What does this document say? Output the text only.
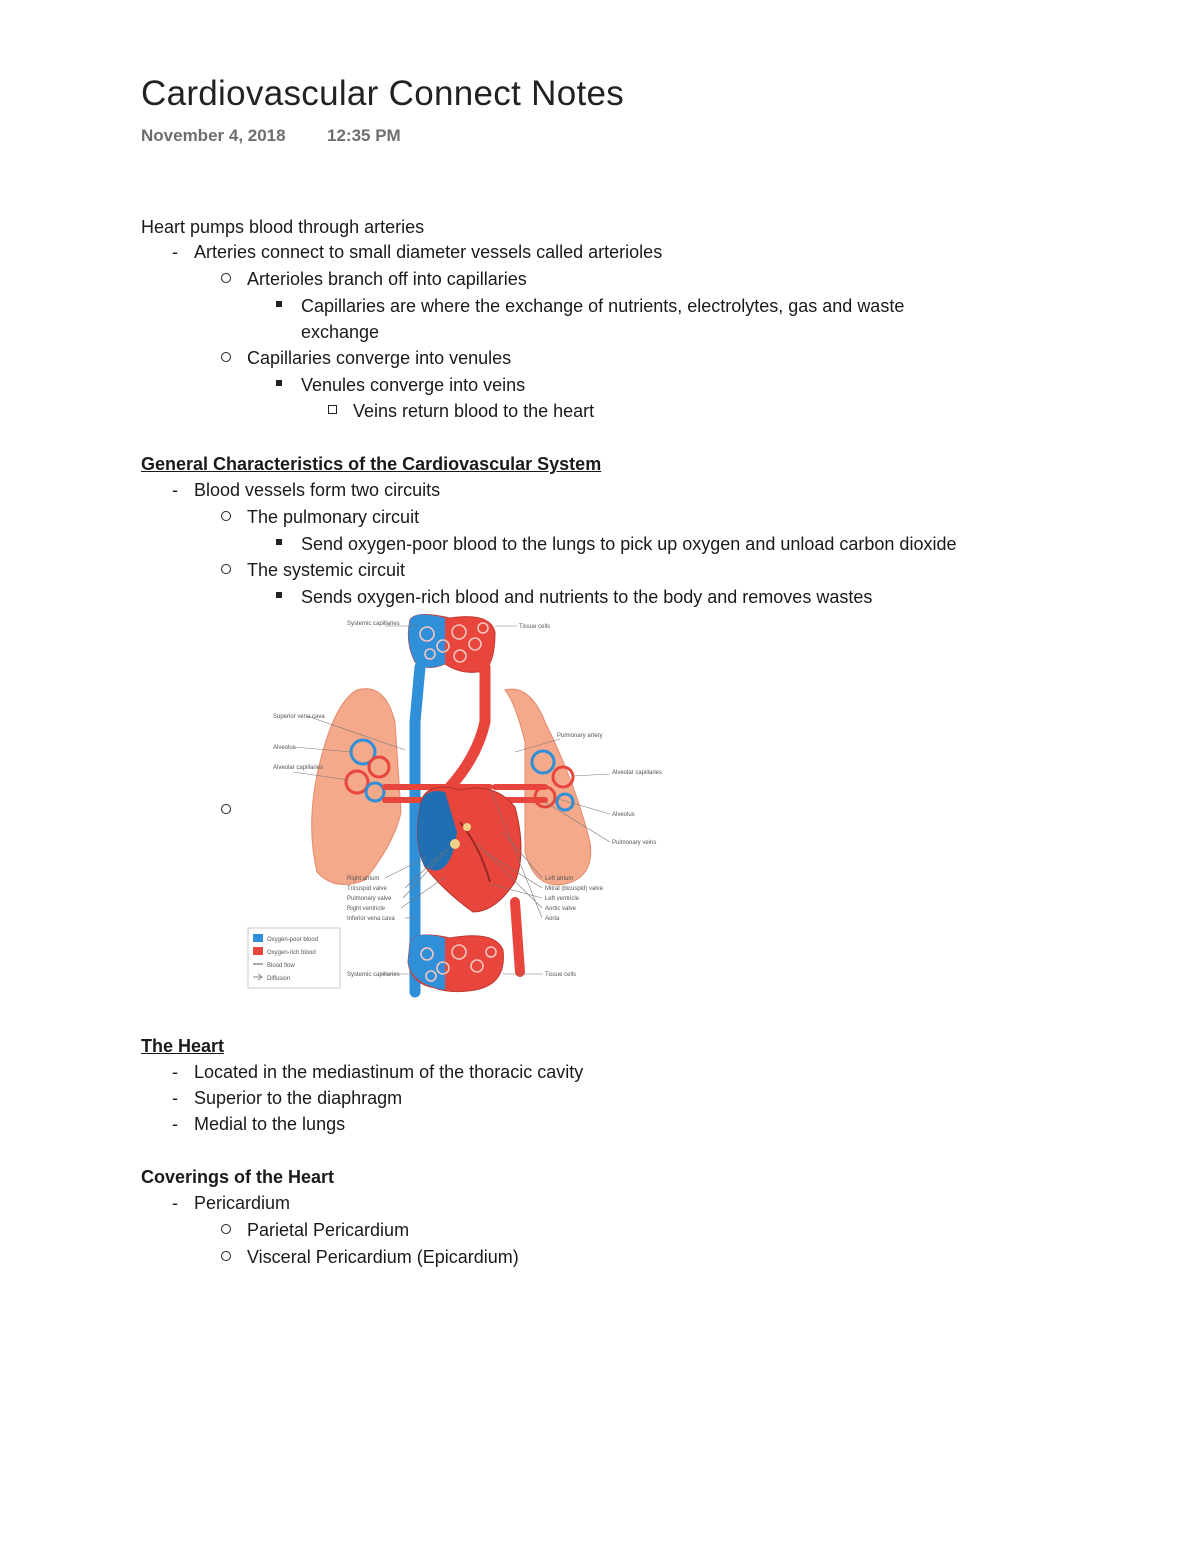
Cardiovascular Connect Notes
November 4, 2018 12:35 PM
Heart pumps blood through arteries
- Arteries connect to small diameter vessels called arterioles
Arterioles branch off into capillaries
Capillaries are where the exchange of nutrients, electrolytes, gas and waste
exchange
Capillaries converge into venules
Venules converge into veins
Veins return blood to the heart
General Characteristics of the Cardiovascular System
- Blood vessels form two circuits
The pulmonary circuit
Send oxygen-poor blood to the lungs to pick up oxygen and unload carbon dioxide
The systemic circuit
Sends oxygen-rich blood and nutrients to the body and removes wastes
Systemic capillaries	Tissue cells
Superior vena cava
Alveolus
Alveolar capillaries
Pulmonary artery
Alveolar capillaries
Alveolus
Pulmonary veins
Right atrium
Tricuspid valve
Pulmonary valve
Right ventricle
Inferior vena cava
Left atrium
Mitral (bicuspid) valve
Left ventricle
Aortic valve
Aorta
Systemic capillaries	Tissue cells
Oxygen-poor blood
Oxygen-rich blood
Blood flow
Diffusion
The Heart
- Located in the mediastinum of the thoracic cavity
- Superior to the diaphragm
- Medial to the lungs
Coverings of the Heart
- Pericardium
Parietal Pericardium
Visceral Pericardium (Epicardium)
